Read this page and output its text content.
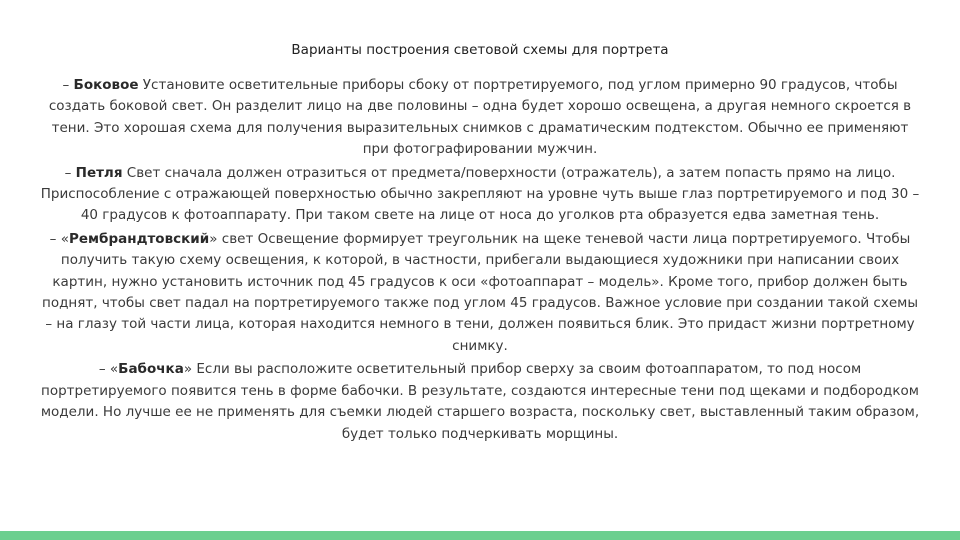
Варианты построения световой схемы для портрета

– Боковое Установите осветительные приборы сбоку от портретируемого, под углом примерно 90 градусов, чтобы создать боковой свет. Он разделит лицо на две половины – одна будет хорошо освещена, а другая немного скроется в тени. Это хорошая схема для получения выразительных снимков с драматическим подтекстом. Обычно ее применяют при фотографировании мужчин.

– Петля Свет сначала должен отразиться от предмета/поверхности (отражатель), а затем попасть прямо на лицо. Приспособление с отражающей поверхностью обычно закрепляют на уровне чуть выше глаз портретируемого и под 30 – 40 градусов к фотоаппарату. При таком свете на лице от носа до уголков рта образуется едва заметная тень.

– «Рембрандтовский» свет Освещение формирует треугольник на щеке теневой части лица портретируемого. Чтобы получить такую схему освещения, к которой, в частности, прибегали выдающиеся художники при написании своих картин, нужно установить источник под 45 градусов к оси «фотоаппарат – модель». Кроме того, прибор должен быть поднят, чтобы свет падал на портретируемого также под углом 45 градусов. Важное условие при создании такой схемы – на глазу той части лица, которая находится немного в тени, должен появиться блик. Это придаст жизни портретному снимку.

– «Бабочка» Если вы расположите осветительный прибор сверху за своим фотоаппаратом, то под носом портретируемого появится тень в форме бабочки. В результате, создаются интересные тени под щеками и подбородком модели. Но лучше ее не применять для съемки людей старшего возраста, поскольку свет, выставленный таким образом, будет только подчеркивать морщины.
